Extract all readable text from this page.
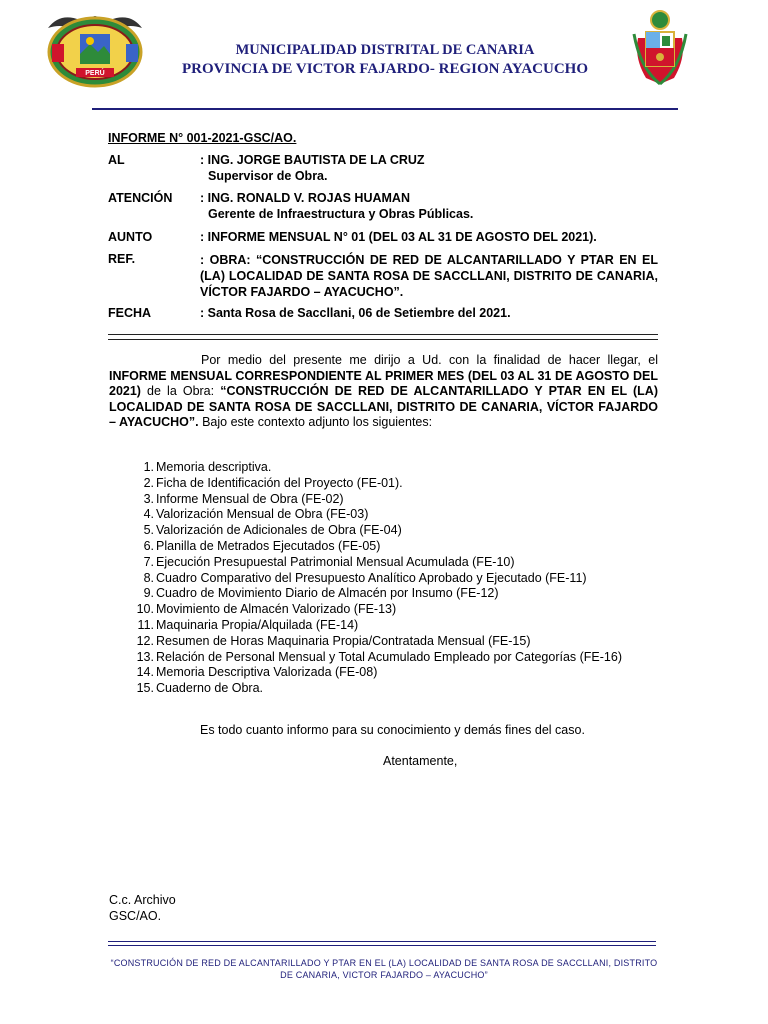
PERÚ
MUNICIPALIDAD DISTRITAL DE CANARIA
PROVINCIA DE VICTOR FAJARDO- REGION AYACUCHO
INFORME N° 001-2021-GSC/AO.
AL	: ING. JORGE BAUTISTA DE LA CRUZ
Supervisor de Obra.
ATENCIÓN : ING. RONALD V. ROJAS HUAMAN
Gerente de Infraestructura y Obras Públicas.
AUNTO	: INFORME MENSUAL N° 01 (DEL 03 AL 31 DE AGOSTO DEL 2021).
REF.	: OBRA: “CONSTRUCCIÓN DE RED DE ALCANTARILLADO Y PTAR EN EL (LA) LOCALIDAD DE SANTA ROSA DE SACCLLANI, DISTRITO DE CANARIA, VÍCTOR FAJARDO – AYACUCHO”.
FECHA	: Santa Rosa de Saccllani, 06 de Setiembre del 2021.
Por medio del presente me dirijo a Ud. con la finalidad de hacer llegar, el INFORME MENSUAL CORRESPONDIENTE AL PRIMER MES (DEL 03 AL 31 DE AGOSTO DEL 2021) de la Obra: “CONSTRUCCIÓN DE RED DE ALCANTARILLADO Y PTAR EN EL (LA) LOCALIDAD DE SANTA ROSA DE SACCLLANI, DISTRITO DE CANARIA, VÍCTOR FAJARDO – AYACUCHO”. Bajo este contexto adjunto los siguientes:
1. Memoria descriptiva.
2. Ficha de Identificación del Proyecto (FE-01).
3. Informe Mensual de Obra (FE-02)
4. Valorización Mensual de Obra (FE-03)
5. Valorización de Adicionales de Obra (FE-04)
6. Planilla de Metrados Ejecutados (FE-05)
7. Ejecución Presupuestal Patrimonial Mensual Acumulada (FE-10)
8. Cuadro Comparativo del Presupuesto Analítico Aprobado y Ejecutado (FE-11)
9. Cuadro de Movimiento Diario de Almacén por Insumo (FE-12)
10. Movimiento de Almacén Valorizado (FE-13)
11. Maquinaria Propia/Alquilada (FE-14)
12. Resumen de Horas Maquinaria Propia/Contratada Mensual (FE-15)
13. Relación de Personal Mensual y Total Acumulado Empleado por Categorías (FE-16)
14. Memoria Descriptiva Valorizada (FE-08)
15. Cuaderno de Obra.
Es todo cuanto informo para su conocimiento y demás fines del caso.
Atentamente,
C.c. Archivo
GSC/AO.
“CONSTRUCIÓN DE RED DE ALCANTARILLADO Y PTAR EN EL (LA) LOCALIDAD DE SANTA ROSA DE SACCLLANI, DISTRITO DE CANARIA, VICTOR FAJARDO – AYACUCHO”
